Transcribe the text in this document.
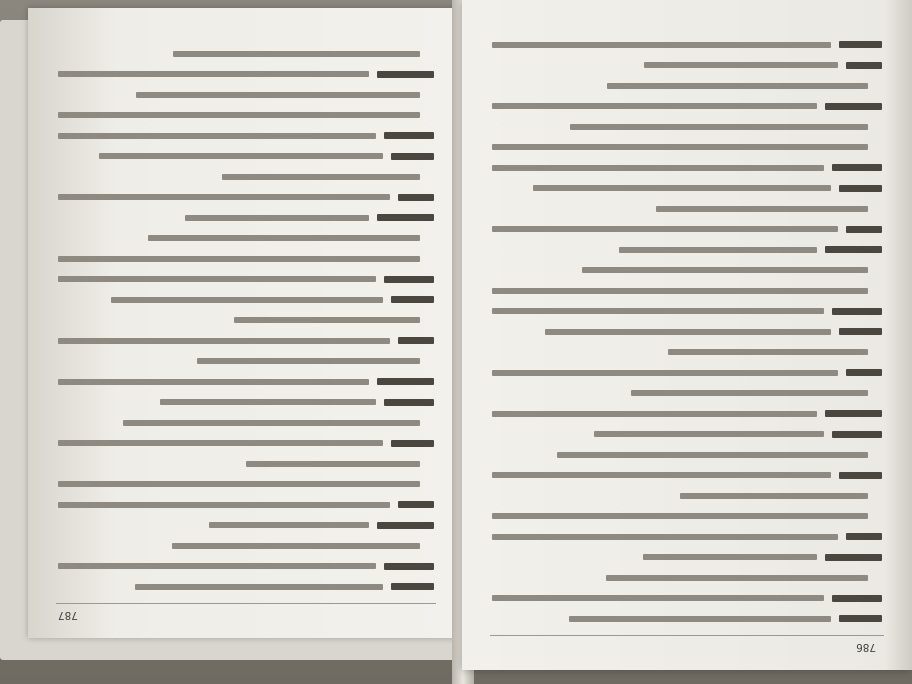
787
786
